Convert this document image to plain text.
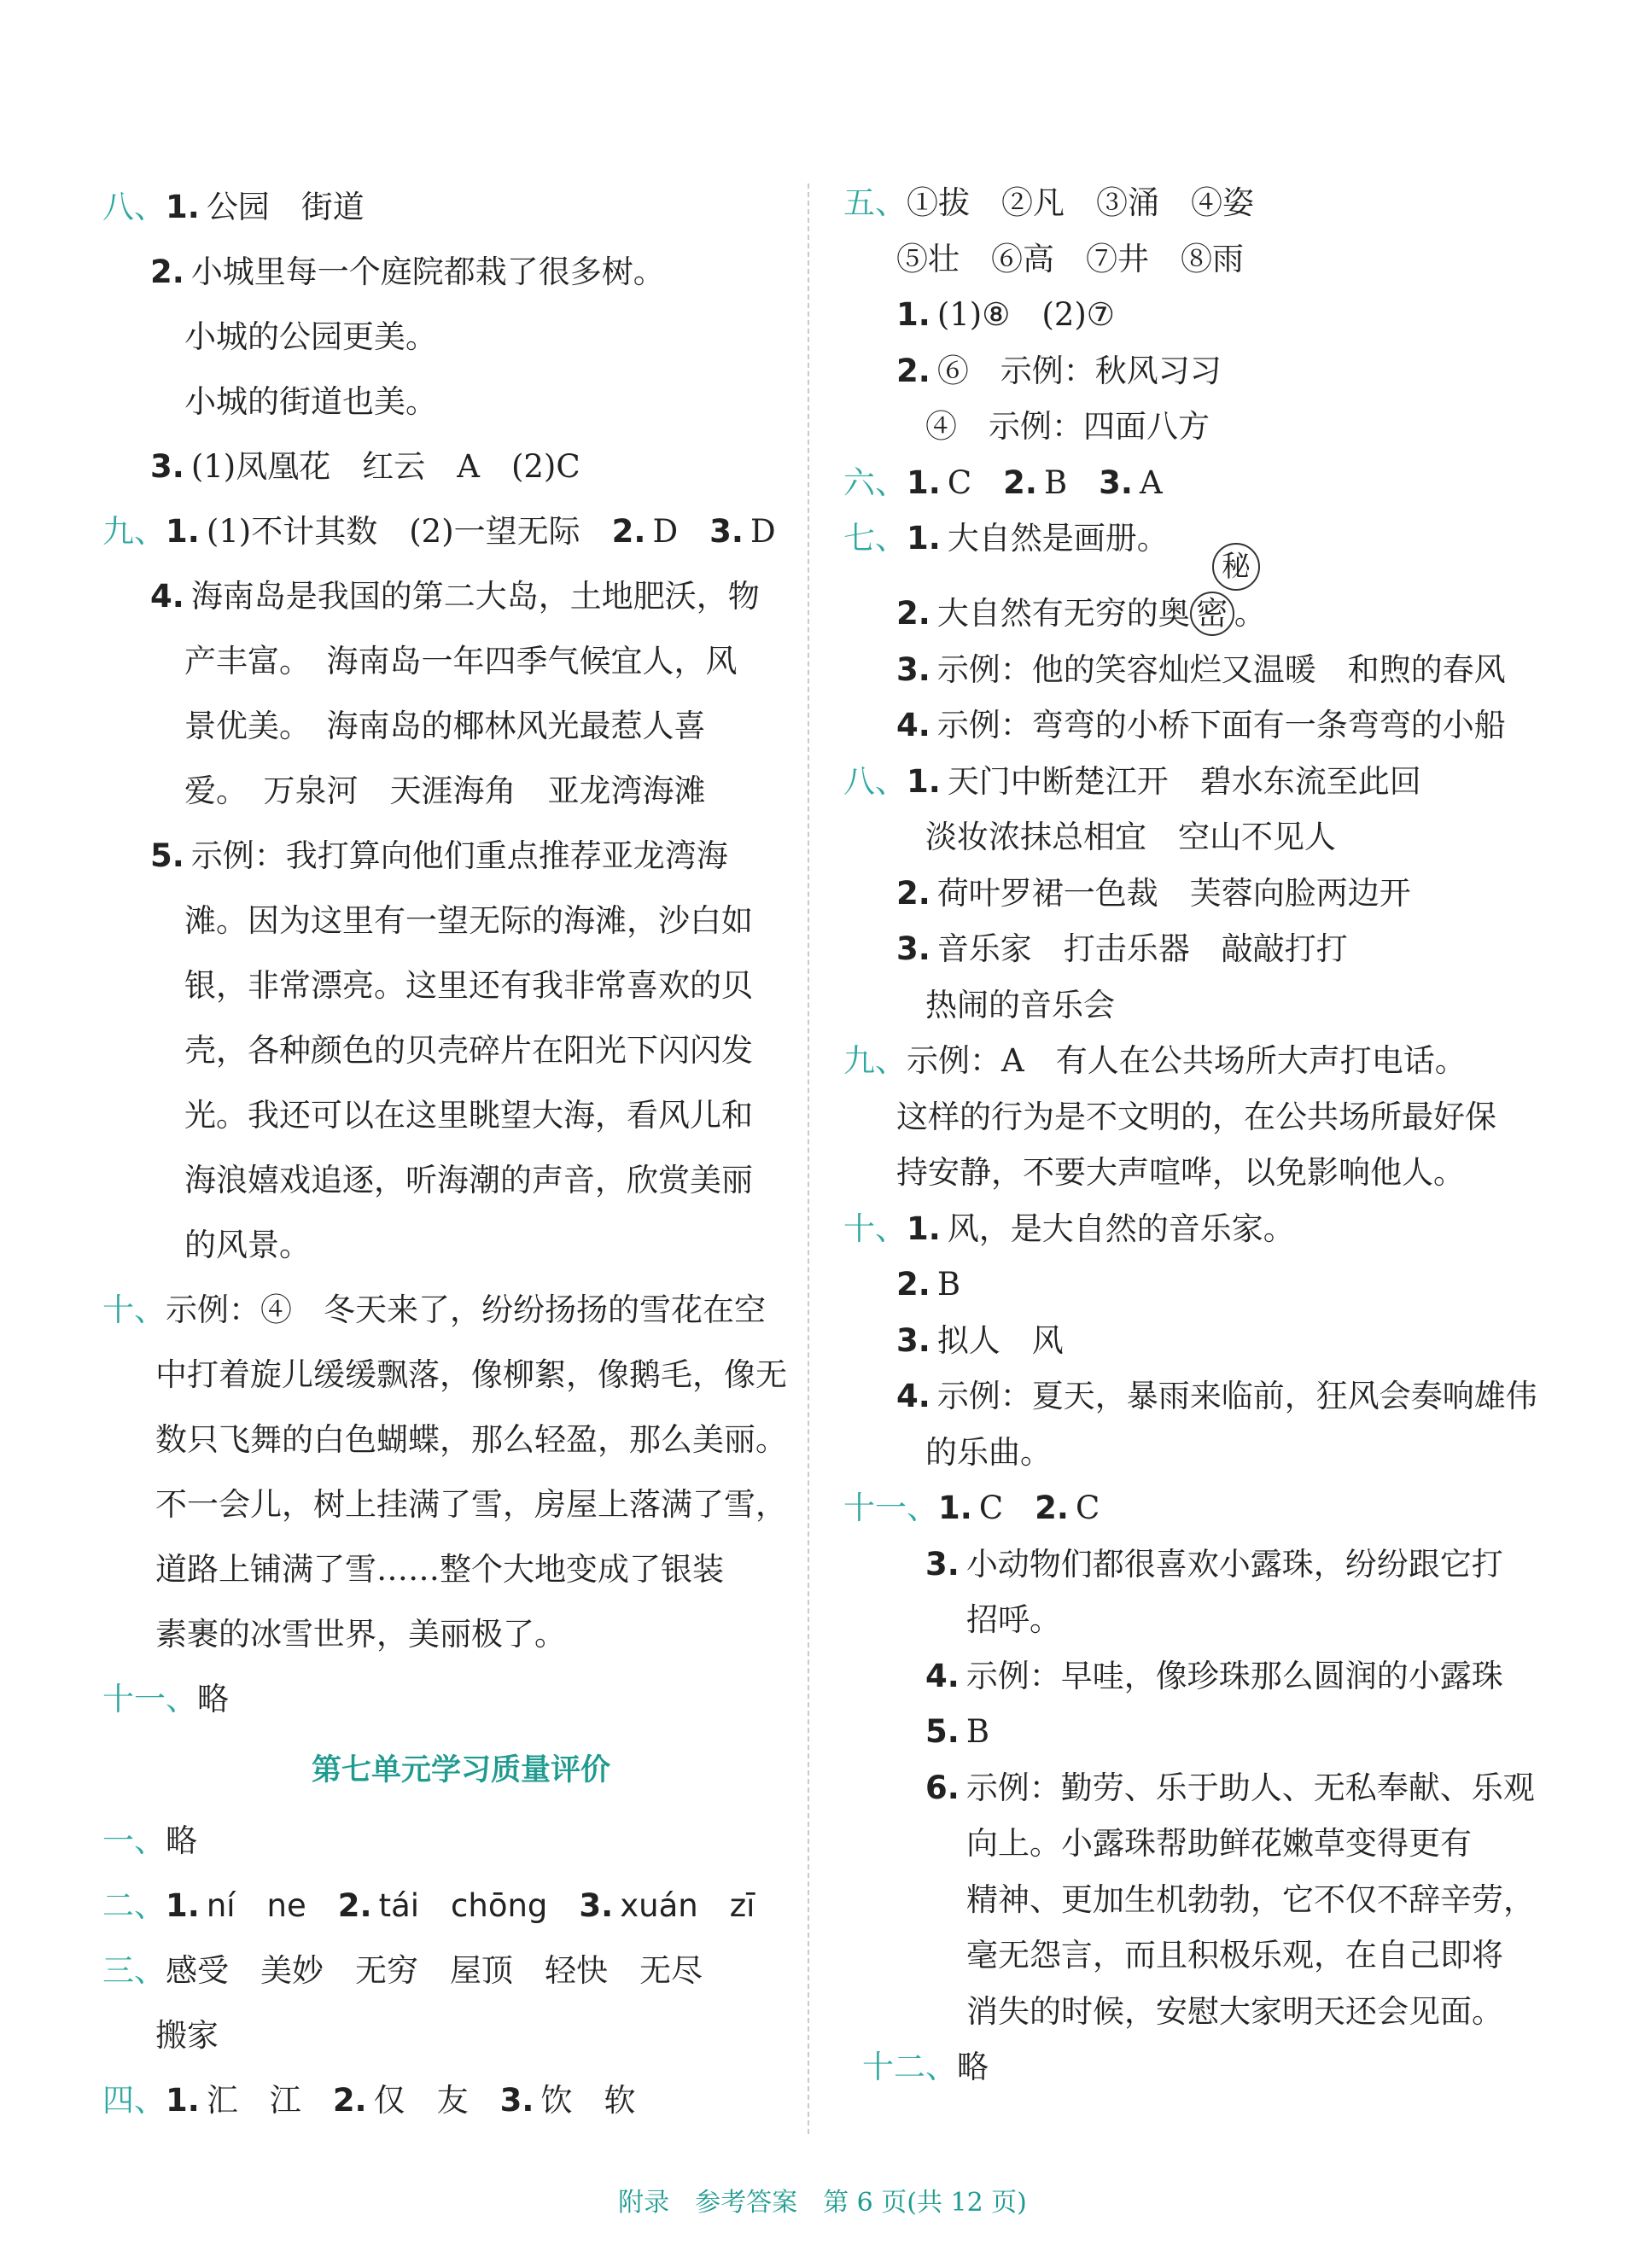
八、1. 公园　街道
2. 小城里每一个庭院都栽了很多树。
小城的公园更美。
小城的街道也美。
3. (1)凤凰花　红云　A　(2)C
九、1. (1)不计其数　(2)一望无际　2. D　3. D
4. 海南岛是我国的第二大岛，土地肥沃，物
产丰富。　海南岛一年四季气候宜人，风
景优美。　海南岛的椰林风光最惹人喜
爱。　万泉河　天涯海角　亚龙湾海滩
5. 示例：我打算向他们重点推荐亚龙湾海
滩。因为这里有一望无际的海滩，沙白如
银，非常漂亮。这里还有我非常喜欢的贝
壳，各种颜色的贝壳碎片在阳光下闪闪发
光。我还可以在这里眺望大海，看风儿和
海浪嬉戏追逐，听海潮的声音，欣赏美丽
的风景。
十、示例：④　冬天来了，纷纷扬扬的雪花在空
中打着旋儿缓缓飘落，像柳絮，像鹅毛，像无
数只飞舞的白色蝴蝶，那么轻盈，那么美丽。
不一会儿，树上挂满了雪，房屋上落满了雪，
道路上铺满了雪……整个大地变成了银装
素裹的冰雪世界，美丽极了。
十一、略
第七单元学习质量评价
一、略
二、1. ní　ne　 2. tái　chōng　 3. xuán　zī
三、感受　美妙　无穷　屋顶　轻快　无尽
搬家
四、1. 汇　江　 2. 仅　友　 3. 饮　软
五、①拔　②凡　③涌　④姿
⑤壮　⑥高　⑦井　⑧雨
1. (1)⑧　(2)⑦
2. ⑥　示例：秋风习习
④　示例：四面八方
六、1. C　 2. B　 3. A
七、1. 大自然是画册。
2. 大自然有无穷的奥 密
秘
。
3. 示例：他的笑容灿烂又温暖　和煦的春风
4. 示例：弯弯的小桥下面有一条弯弯的小船
八、1. 天门中断楚江开　碧水东流至此回
淡妆浓抹总相宜　空山不见人
2. 荷叶罗裙一色裁　芙蓉向脸两边开
3. 音乐家　打击乐器　敲敲打打
热闹的音乐会
九、示例：A　有人在公共场所大声打电话。
这样的行为是不文明的，在公共场所最好保
持安静，不要大声喧哗，以免影响他人。
十、1. 风，是大自然的音乐家。
2. B
3. 拟人　风
4. 示例：夏天，暴雨来临前，狂风会奏响雄伟
的乐曲。
十一、1. C　 2. C
3. 小动物们都很喜欢小露珠，纷纷跟它打
招呼。
4. 示例：早哇，像珍珠那么圆润的小露珠
5. B
6. 示例：勤劳、乐于助人、无私奉献、乐观
向上。小露珠帮助鲜花嫩草变得更有
精神、更加生机勃勃，它不仅不辞辛劳，
毫无怨言，而且积极乐观，在自己即将
消失的时候，安慰大家明天还会见面。
十二、略
附录　参考答案　第 6 页(共 12 页)
